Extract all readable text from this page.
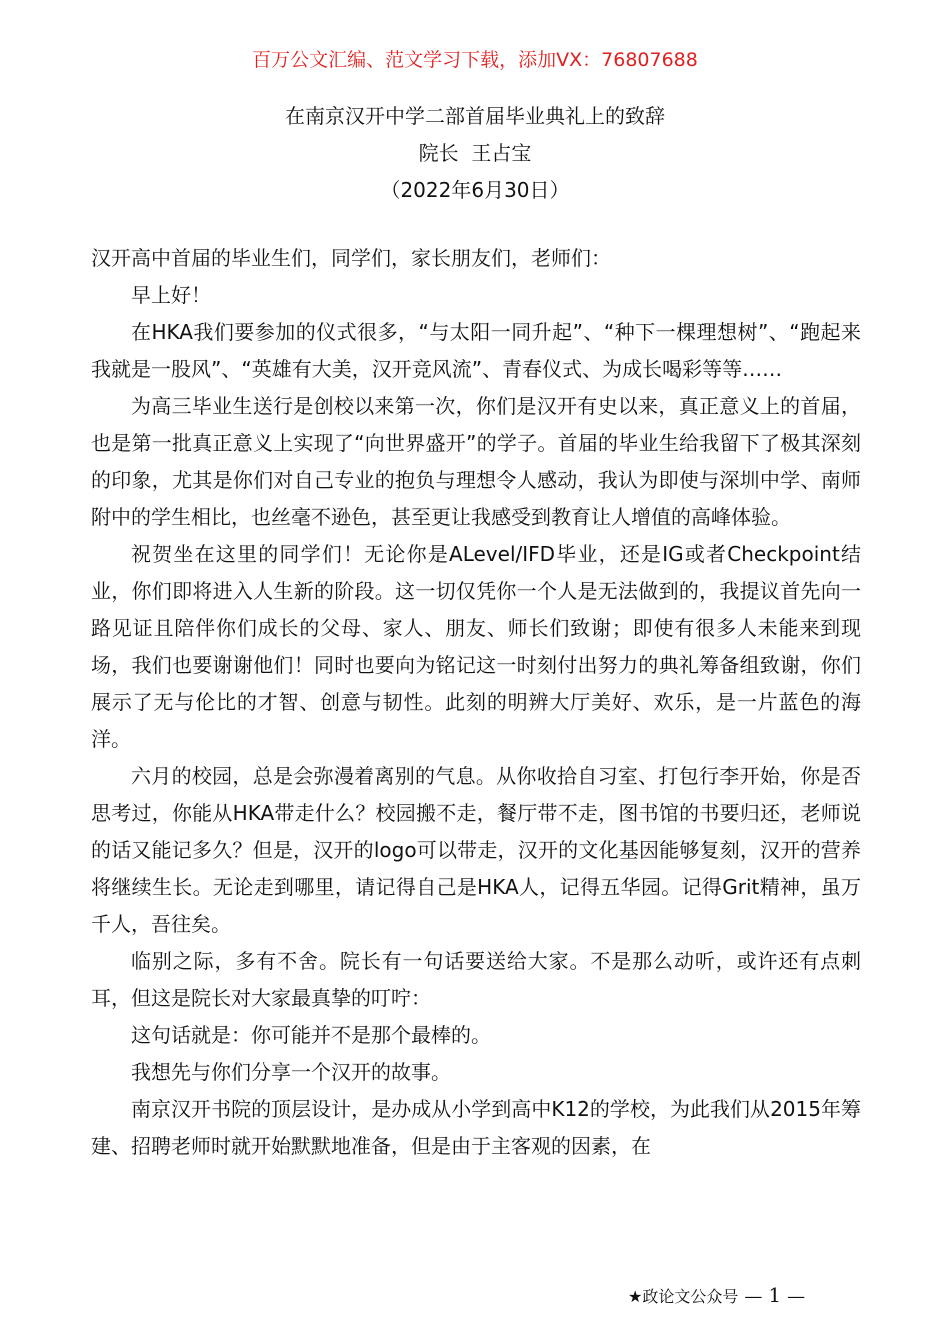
百万公文汇编、范文学习下载，添加VX：76807688
在南京汉开中学二部首届毕业典礼上的致辞
院长  王占宝
（2022年6月30日）

汉开高中首届的毕业生们，同学们，家长朋友们，老师们：

早上好！

在HKA我们要参加的仪式很多，“与太阳一同升起”、“种下一棵理想树”、“跑起来我就是一股风”、“英雄有大美，汉开竞风流”、青春仪式、为成长喝彩等等……

为高三毕业生送行是创校以来第一次，你们是汉开有史以来，真正意义上的首届，也是第一批真正意义上实现了“向世界盛开”的学子。首届的毕业生给我留下了极其深刻的印象，尤其是你们对自己专业的抱负与理想令人感动，我认为即使与深圳中学、南师附中的学生相比，也丝毫不逊色，甚至更让我感受到教育让人增值的高峰体验。

祝贺坐在这里的同学们！无论你是ALevel/IFD毕业，还是IG或者Checkpoint结业，你们即将进入人生新的阶段。这一切仅凭你一个人是无法做到的，我提议首先向一路见证且陪伴你们成长的父母、家人、朋友、师长们致谢；即使有很多人未能来到现场，我们也要谢谢他们！同时也要向为铭记这一时刻付出努力的典礼筹备组致谢，你们展示了无与伦比的才智、创意与韧性。此刻的明辨大厅美好、欢乐，是一片蓝色的海洋。

六月的校园，总是会弥漫着离别的气息。从你收拾自习室、打包行李开始，你是否思考过，你能从HKA带走什么？校园搬不走，餐厅带不走，图书馆的书要归还，老师说的话又能记多久？但是，汉开的logo可以带走，汉开的文化基因能够复刻，汉开的营养将继续生长。无论走到哪里，请记得自己是HKA人，记得五华园。记得Grit精神，虽万千人，吾往矣。

临别之际，多有不舍。院长有一句话要送给大家。不是那么动听，或许还有点刺耳，但这是院长对大家最真挚的叮咛：

这句话就是：你可能并不是那个最棒的。

我想先与你们分享一个汉开的故事。

南京汉开书院的顶层设计，是办成从小学到高中K12的学校，为此我们从2015年筹建、招聘老师时就开始默默地准备，但是由于主客观的因素，在

★政论文公众号 — 1 —
